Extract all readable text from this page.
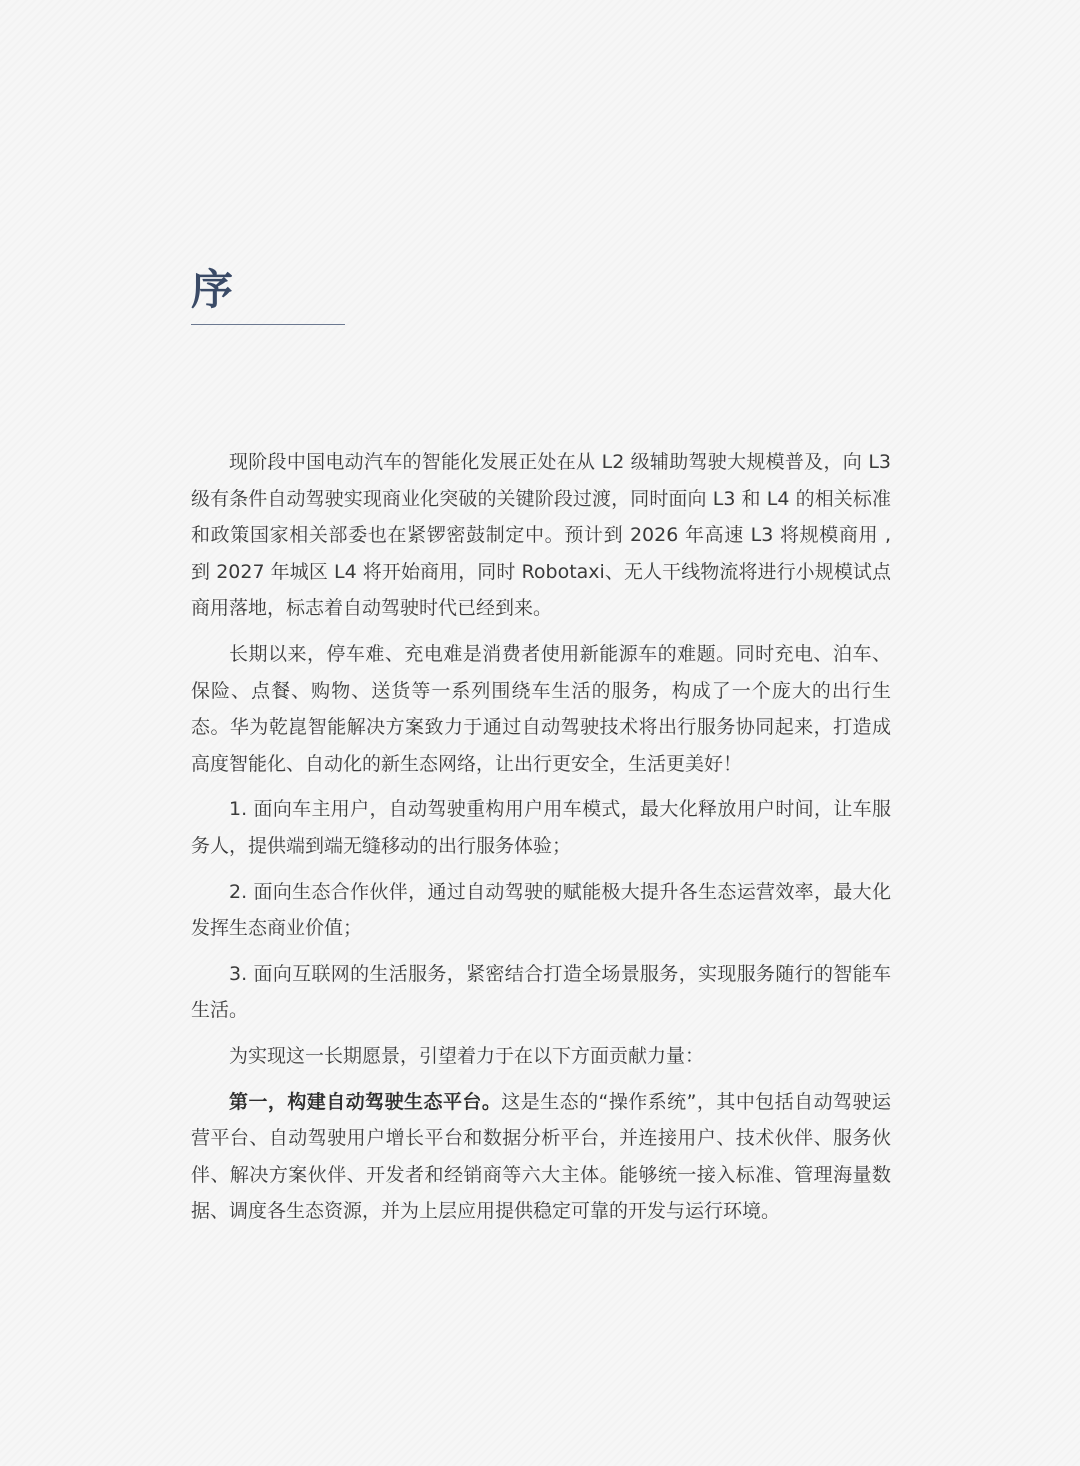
序

现阶段中国电动汽车的智能化发展正处在从 L2 级辅助驾驶大规模普及，向 L3 级有条件自动驾驶实现商业化突破的关键阶段过渡，同时面向 L3 和 L4 的相关标准和政策国家相关部委也在紧锣密鼓制定中。预计到 2026 年高速 L3 将规模商用 , 到 2027 年城区 L4 将开始商用，同时 Robotaxi、无人干线物流将进行小规模试点商用落地，标志着自动驾驶时代已经到来。

长期以来，停车难、充电难是消费者使用新能源车的难题。同时充电、泊车、保险、点餐、购物、送货等一系列围绕车生活的服务，构成了一个庞大的出行生态。华为乾崑智能解决方案致力于通过自动驾驶技术将出行服务协同起来，打造成高度智能化、自动化的新生态网络，让出行更安全，生活更美好！

1. 面向车主用户，自动驾驶重构用户用车模式，最大化释放用户时间，让车服务人，提供端到端无缝移动的出行服务体验；

2. 面向生态合作伙伴，通过自动驾驶的赋能极大提升各生态运营效率，最大化发挥生态商业价值；

3. 面向互联网的生活服务，紧密结合打造全场景服务，实现服务随行的智能车生活。

为实现这一长期愿景，引望着力于在以下方面贡献力量：

第一，构建自动驾驶生态平台。这是生态的“操作系统”，其中包括自动驾驶运营平台、自动驾驶用户增长平台和数据分析平台，并连接用户、技术伙伴、服务伙伴、解决方案伙伴、开发者和经销商等六大主体。能够统一接入标准、管理海量数据、调度各生态资源，并为上层应用提供稳定可靠的开发与运行环境。
